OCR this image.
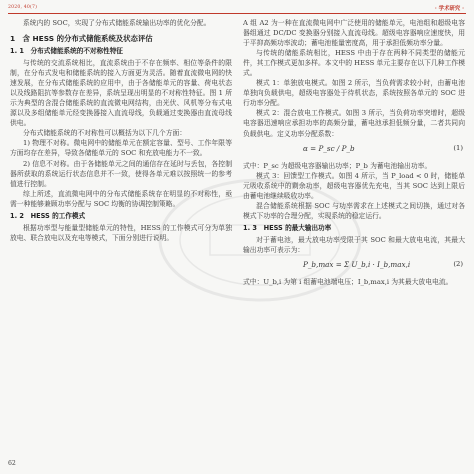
2020, 40(7)	· 学术研究 ·

系统内的 SOC，实现了分布式储能系统输出功率的优化分配。

1　含 HESS 的分布式储能系统及状态评估
1. 1　分布式储能系统的不对称性特征

与传统的交流系统相比，直流系统由于不存在频率、相位等条件的限制，在分布式发电和储能系统的接入方面更为灵活。随着直流微电网的快速发展，在分布式储能系统的应用中，由于各储能单元的容量、荷电状态以及线路阻抗等参数存在差异，系统呈现出明显的不对称性特征。图 1 所示为典型的含混合储能系统的直流微电网结构，由光伏、风机等分布式电源以及多组储能单元经变换器接入直流母线，负载通过变换器由直流母线供电。

分布式储能系统的不对称性可以概括为以下几个方面：

1) 物理不对称。微电网中的储能单元在额定容量、型号、工作年限等方面均存在差异，导致各储能单元的 SOC 和充放电能力不一致。

2) 信息不对称。由于各储能单元之间的通信存在延时与丢包，各控制器所获取的系统运行状态信息并不一致，使得各单元难以按照统一的参考值进行控制。

综上所述，直流微电网中的分布式储能系统存在明显的不对称性，亟需一种能够兼顾功率分配与 SOC 均衡的协调控制策略。

1. 2　HESS 的工作模式

根据功率型与能量型储能单元的特性，HESS 的工作模式可分为单独放电、联合放电以及充电等模式，下面分别进行说明。

A 组 A2 为一种在直流微电网中广泛使用的储能单元，电池组和超级电容器组通过 DC/DC 变换器分别接入直流母线。超级电容器响应速度快，用于平抑高频功率波动；蓄电池能量密度高，用于承担低频功率分量。

与传统的储能系统相比，HESS 中由于存在两种不同类型的储能元件，其工作模式更加多样。本文中的 HESS 单元主要存在以下几种工作模式。

模式 1：单独放电模式。如图 2 所示，当负荷需求较小时，由蓄电池单独向负载供电，超级电容器处于待机状态，系统按照各单元的 SOC 进行功率分配。

模式 2：混合放电工作模式。如图 3 所示，当负荷功率突增时，超级电容器迅速响应承担功率的高频分量，蓄电池承担低频分量，二者共同向负载供电。定义功率分配系数：

α = P_sc / P_b	(1)

式中：P_sc 为超级电容器输出功率；P_b 为蓄电池输出功率。

模式 3：回馈型工作模式。如图 4 所示，当 P_load < 0 时，储能单元吸收系统中的剩余功率，超级电容器优先充电，当其 SOC 达到上限后由蓄电池继续吸收功率。

混合储能系统根据 SOC 与功率需求在上述模式之间切换，通过对各模式下功率的合理分配，实现系统的稳定运行。

1. 3　HESS 的最大输出功率

对于蓄电池，最大放电功率受限于其 SOC 和最大放电电流，其最大输出功率可表示为：

P_b,max = Σ U_b,i · I_b,max,i	(2)

式中：U_b,i 为第 i 组蓄电池端电压；I_b,max,i 为其最大放电电流。

62
